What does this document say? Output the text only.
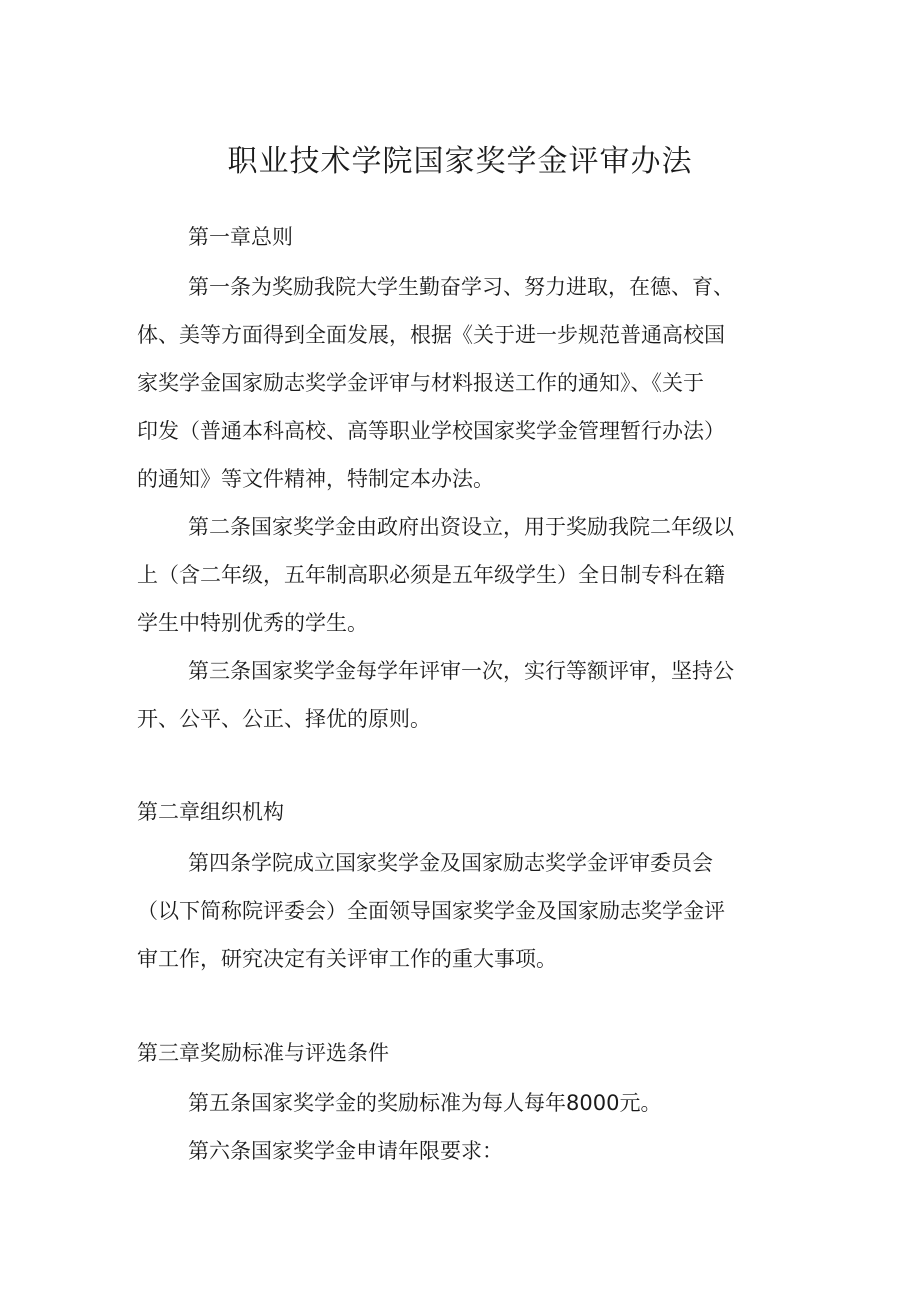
职业技术学院国家奖学金评审办法

第一章总则

第一条为奖励我院大学生勤奋学习、努力进取，在德、育、

体、美等方面得到全面发展，根据《关于进一步规范普通高校国

家奖学金国家励志奖学金评审与材料报送工作的通知》、《关于

印发（普通本科高校、高等职业学校国家奖学金管理暂行办法）

的通知》等文件精神，特制定本办法。

第二条国家奖学金由政府出资设立，用于奖励我院二年级以

上（含二年级，五年制高职必须是五年级学生）全日制专科在籍

学生中特别优秀的学生。

第三条国家奖学金每学年评审一次，实行等额评审，坚持公

开、公平、公正、择优的原则。

第二章组织机构

第四条学院成立国家奖学金及国家励志奖学金评审委员会

（以下简称院评委会）全面领导国家奖学金及国家励志奖学金评

审工作，研究决定有关评审工作的重大事项。

第三章奖励标准与评选条件

第五条国家奖学金的奖励标准为每人每年8000元。

第六条国家奖学金申请年限要求：
